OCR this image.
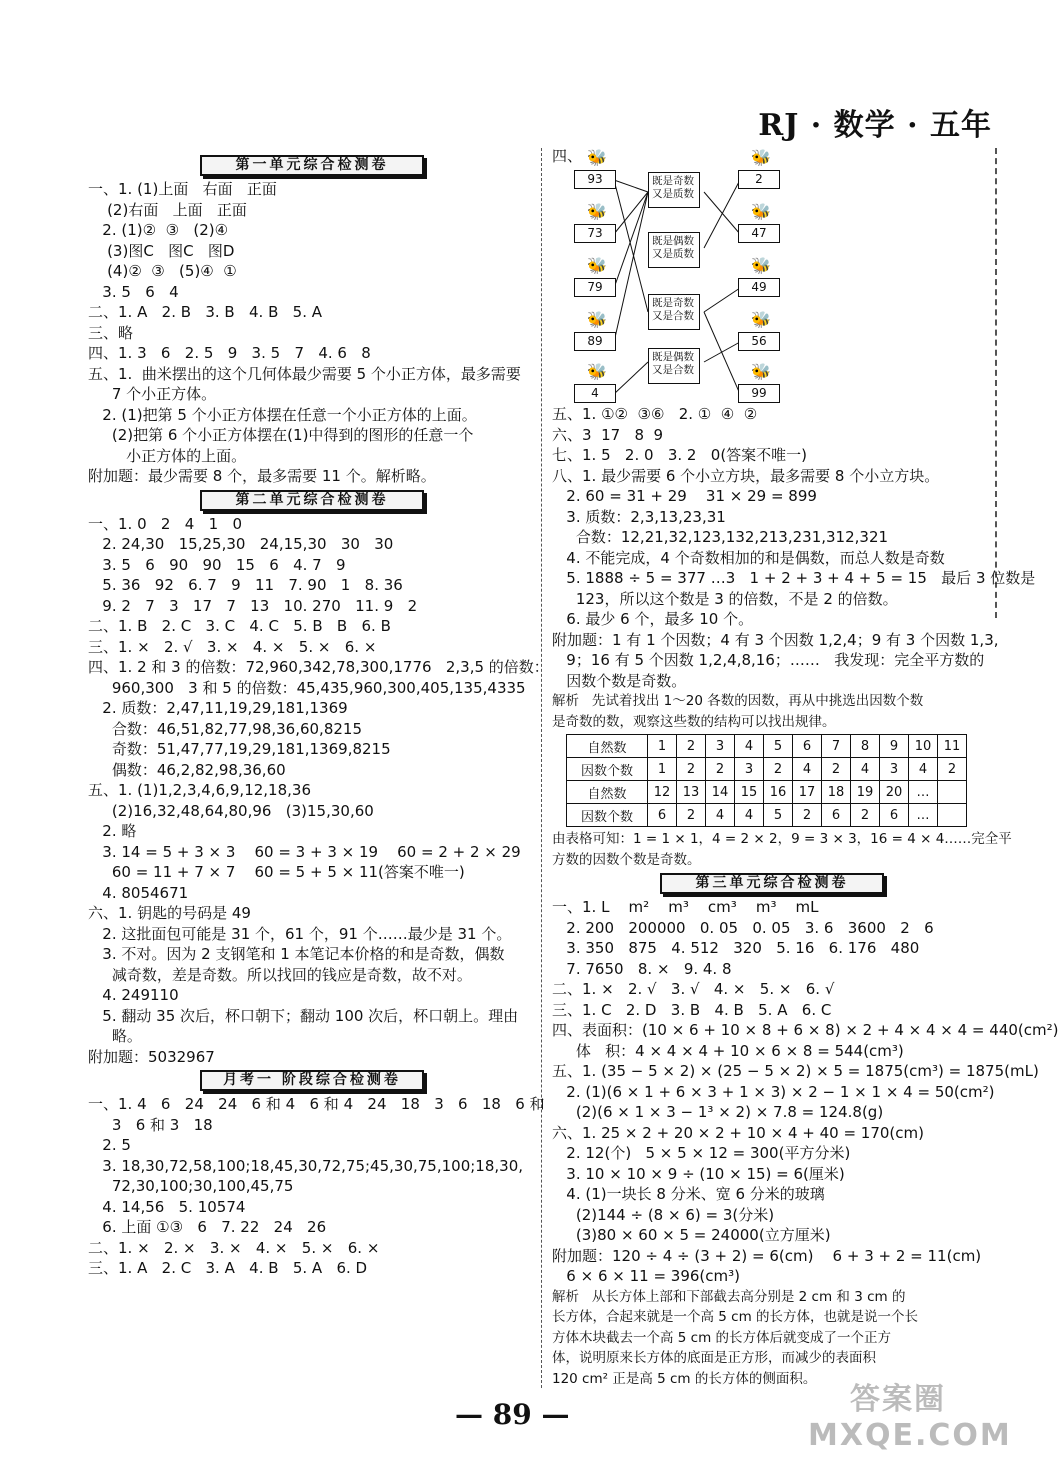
RJ · 数学 · 五年
第一单元综合检测卷
一、1. (1)上面   右面   正面
(2)右面   上面   正面
2. (1)②  ③   (2)④
(3)图C   图C   图D
(4)②  ③   (5)④  ①
3. 5   6   4
二、1. A   2. B   3. B   4. B   5. A
三、略
四、1. 3   6   2. 5   9   3. 5   7   4. 6   8
五、1.  曲米摆出的这个几何体最少需要 5 个小正方体，最多需要
7 个小正方体。
2. (1)把第 5 个小正方体摆在任意一个小正方体的上面。
(2)把第 6 个小正方体摆在(1)中得到的图形的任意一个
小正方体的上面。
附加题：最少需要 8 个，最多需要 11 个。解析略。
第二单元综合检测卷
一、1. 0   2   4   1   0
2. 24,30   15,25,30   24,15,30   30   30
3. 5   6   90   90   15   6   4. 7   9
5. 36   92   6. 7   9   11   7. 90   1   8. 36
9. 2   7   3   17   7   13   10. 270   11. 9   2
二、1. B   2. C   3. C   4. C   5. B   B   6. B
三、1. ×   2. √   3. ×   4. ×   5. ×   6. ×
四、1. 2 和 3 的倍数：72,960,342,78,300,1776   2,3,5 的倍数：
960,300   3 和 5 的倍数：45,435,960,300,405,135,4335
2. 质数：2,47,11,19,29,181,1369
合数：46,51,82,77,98,36,60,8215
奇数：51,47,77,19,29,181,1369,8215
偶数：46,2,82,98,36,60
五、1. (1)1,2,3,4,6,9,12,18,36
(2)16,32,48,64,80,96   (3)15,30,60
2. 略
3. 14 = 5 + 3 × 3    60 = 3 + 3 × 19    60 = 2 + 2 × 29
60 = 11 + 7 × 7    60 = 5 + 5 × 11(答案不唯一)
4. 8054671
六、1. 钥匙的号码是 49
2. 这批面包可能是 31 个，61 个，91 个……最少是 31 个。
3. 不对。因为 2 支钢笔和 1 本笔记本价格的和是奇数，偶数
减奇数，差是奇数。所以找回的钱应是奇数，故不对。
4. 249110
5. 翻动 35 次后，杯口朝下；翻动 100 次后，杯口朝上。理由
略。
附加题：5032967
月考一 阶段综合检测卷
一、1. 4   6   24   24   6 和 4   6 和 4   24   18   3   6   18   6 和
3   6 和 3   18
2. 5
3. 18,30,72,58,100;18,45,30,72,75;45,30,75,100;18,30,
72,30,100;30,100,45,75
4. 14,56   5. 10574
6. 上面 ①③   6   7. 22   24   26
二、1. ×   2. ×   3. ×   4. ×   5. ×   6. ×
三、1. A   2. C   3. A   4. B   5. A   6. D
四、 🐝
🐝
🐝
🐝
🐝
93
73
79
89
4
既是奇数
又是质数
既是偶数
又是质数
既是奇数
又是合数
既是偶数
又是合数
🐝
🐝
🐝
🐝
🐝
2
47
49
56
99
五、1. ①②  ③⑥   2. ①  ④  ②
六、3  17   8  9
七、1. 5   2. 0   3. 2   0(答案不唯一)
八、1. 最少需要 6 个小立方块，最多需要 8 个小立方块。
2. 60 = 31 + 29    31 × 29 = 899
3. 质数：2,3,13,23,31
合数：12,21,32,123,132,213,231,312,321
4. 不能完成，4 个奇数相加的和是偶数，而总人数是奇数
5. 1888 ÷ 5 = 377 …3   1 + 2 + 3 + 4 + 5 = 15   最后 3 位数是
123，所以这个数是 3 的倍数，不是 2 的倍数。
6. 最少 6 个，最多 10 个。
附加题：1 有 1 个因数；4 有 3 个因数 1,2,4；9 有 3 个因数 1,3,
9；16 有 5 个因数 1,2,4,8,16；……   我发现：完全平方数的
因数个数是奇数。
解析   先试着找出 1～20 各数的因数，再从中挑选出因数个数
是奇数的数，观察这些数的结构可以找出规律。
自然数	1	2	3	4	5	6	7	8	9	10	11
因数个数	1	2	2	3	2	4	2	4	3	4	2
自然数	12	13	14	15	16	17	18	19	20	…	
因数个数	6	2	4	4	5	2	6	2	6	…	
由表格可知：1 = 1 × 1，4 = 2 × 2，9 = 3 × 3，16 = 4 × 4……完全平
方数的因数个数是奇数。
第三单元综合检测卷
一、1. L    m²    m³    cm³    m³    mL
2. 200   200000   0. 05   0. 05   3. 6   3600   2   6
3. 350   875   4. 512   320   5. 16   6. 176   480
7. 7650   8. ×   9. 4. 8
二、1. ×   2. √   3. √   4. ×   5. ×   6. √
三、1. C   2. D   3. B   4. B   5. A   6. C
四、表面积：(10 × 6 + 10 × 8 + 6 × 8) × 2 + 4 × 4 × 4 = 440(cm²)
体   积：4 × 4 × 4 + 10 × 6 × 8 = 544(cm³)
五、1. (35 − 5 × 2) × (25 − 5 × 2) × 5 = 1875(cm³) = 1875(mL)
2. (1)(6 × 1 + 6 × 3 + 1 × 3) × 2 − 1 × 1 × 4 = 50(cm²)
(2)(6 × 1 × 3 − 1³ × 2) × 7.8 = 124.8(g)
六、1. 25 × 2 + 20 × 2 + 10 × 4 + 40 = 170(cm)
2. 12(个)   5 × 5 × 12 = 300(平方分米)
3. 10 × 10 × 9 ÷ (10 × 15) = 6(厘米)
4. (1)一块长 8 分米、宽 6 分米的玻璃
(2)144 ÷ (8 × 6) = 3(分米)
(3)80 × 60 × 5 = 24000(立方厘米)
附加题：120 ÷ 4 ÷ (3 + 2) = 6(cm)    6 + 3 + 2 = 11(cm)
6 × 6 × 11 = 396(cm³)
解析   从长方体上部和下部截去高分别是 2 cm 和 3 cm 的
长方体，合起来就是一个高 5 cm 的长方体，也就是说一个长
方体木块截去一个高 5 cm 的长方体后就变成了一个正方
体，说明原来长方体的底面是正方形，而减少的表面积
120 cm² 正是高 5 cm 的长方体的侧面积。
— 89 —	答案圈 MXQE.COM
